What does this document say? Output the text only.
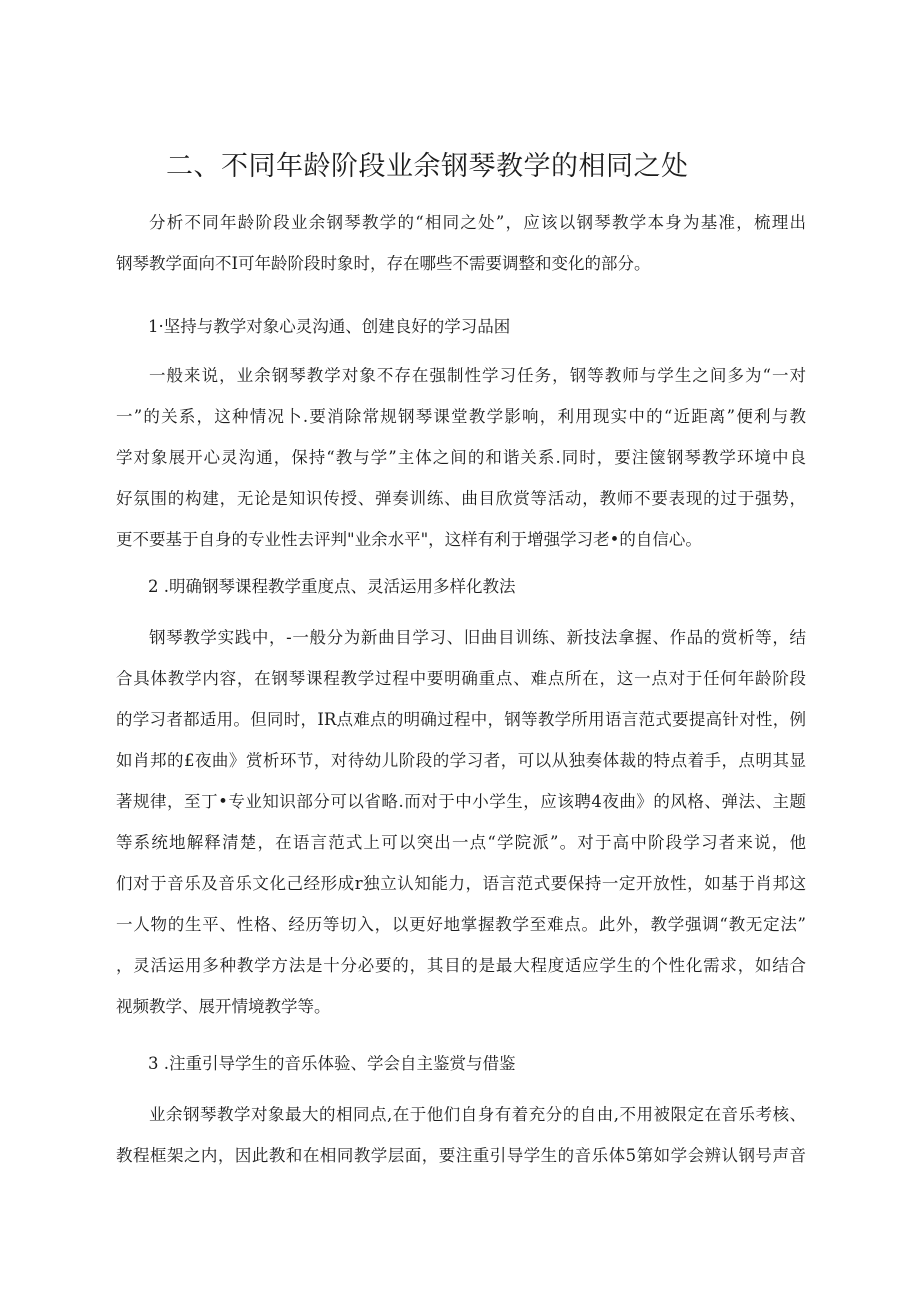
二、不同年龄阶段业余钢琴教学的相同之处
分析不同年龄阶段业余钢琴教学的“相同之处”，应该以钢琴教学本身为基准，梳理出
钢琴教学面向不I可年龄阶段时象时，存在哪些不需要调整和变化的部分。
1·坚持与教学对象心灵沟通、创建良好的学习品困
一般来说，业余钢琴教学对象不存在强制性学习任务，钢等教师与学生之间多为“一对
一”的关系，这种情况卜.要消除常规钢琴课堂教学影响，利用现实中的“近距离”便利与教
学对象展开心灵沟通，保持“教与学”主体之间的和谐关系.同时，要注箧钢琴教学环境中良
好氛围的构建，无论是知识传授、弹奏训练、曲目欣赏等活动，教师不要表现的过于强势，
更不要基于自身的专业性去评判"业余水平"，这样有利于增强学习老•的自信心。
2 .明确钢琴课程教学重度点、灵活运用多样化教法
钢琴教学实践中，-一般分为新曲目学习、旧曲目训练、新技法拿握、作品的赏析等，结
合具体教学内容，在钢琴课程教学过程中要明确重点、难点所在，这一点对于任何年龄阶段
的学习者都适用。但同时，IR点难点的明确过程中，钢等教学所用语言范式要提高针对性，例
如肖邦的£夜曲》赏析环节，对待幼儿阶段的学习者，可以从独奏体裁的特点着手，点明其显
著规律，至丁•专业知识部分可以省略.而对于中小学生，应该聘4夜曲》的风格、弹法、主题
等系统地解释清楚，在语言范式上可以突出一点“学院派”。对于高中阶段学习者来说，他
们对于音乐及音乐文化己经形成r独立认知能力，语言范式要保持一定开放性，如基于肖邦这
一人物的生平、性格、经历等切入，以更好地掌握教学至难点。此外，教学强调“教无定法”
，灵活运用多种教学方法是十分必要的，其目的是最大程度适应学生的个性化需求，如结合
视频教学、展开情境教学等。
3 .注重引导学生的音乐体验、学会自主鉴赏与借鉴
业余钢琴教学对象最大的相同点,在于他们自身有着充分的自由,不用被限定在音乐考核、
教程框架之内，因此教和在相同教学层面，要注重引导学生的音乐体5第如学会辨认钢号声音
